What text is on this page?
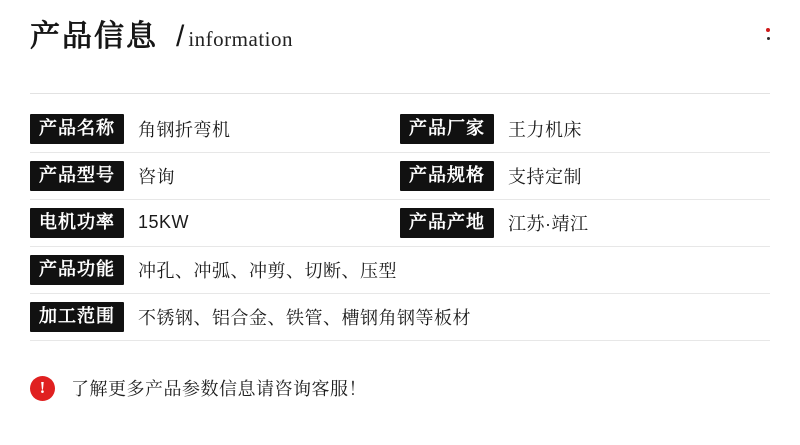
产品信息 / information
产品名称	角钢折弯机	产品厂家	王力机床
产品型号	咨询	产品规格	支持定制
电机功率	15KW	产品产地	江苏·靖江
产品功能	冲孔、冲弧、冲剪、切断、压型
加工范围	不锈钢、铝合金、铁管、槽钢角钢等板材
!	了解更多产品参数信息请咨询客服！
